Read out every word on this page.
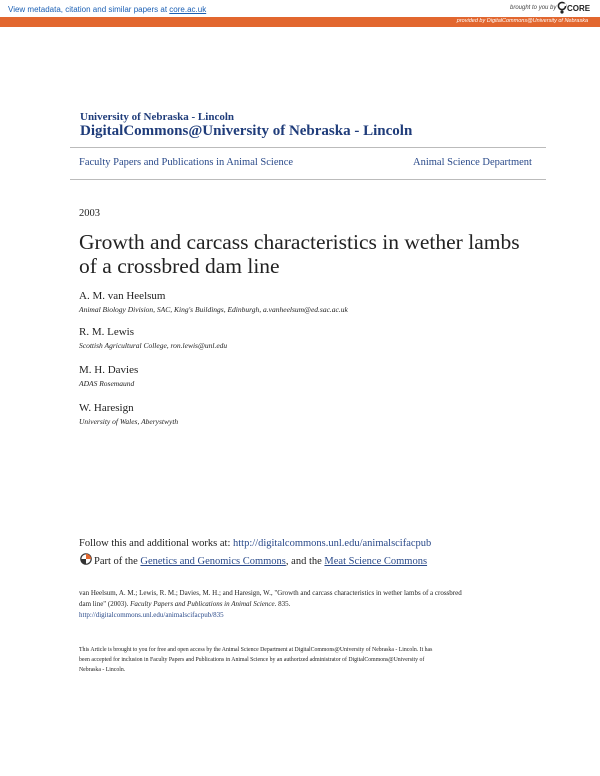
View metadata, citation and similar papers at core.ac.uk	brought to you by CORE
provided by DigitalCommons@University of Nebraska
University of Nebraska - Lincoln
DigitalCommons@University of Nebraska - Lincoln
Faculty Papers and Publications in Animal Science	Animal Science Department
2003
Growth and carcass characteristics in wether lambs
of a crossbred dam line
A. M. van Heelsum
Animal Biology Division, SAC, King's Buildings, Edinburgh, a.vanheelsum@ed.sac.ac.uk
R. M. Lewis
Scottish Agricultural College, ron.lewis@unl.edu
M. H. Davies
ADAS Rosemaund
W. Haresign
University of Wales, Aberystwyth
Follow this and additional works at: http://digitalcommons.unl.edu/animalscifacpub
Part of the Genetics and Genomics Commons, and the Meat Science Commons
van Heelsum, A. M.; Lewis, R. M.; Davies, M. H.; and Haresign, W., "Growth and carcass characteristics in wether lambs of a crossbred
dam line" (2003). Faculty Papers and Publications in Animal Science. 835.
http://digitalcommons.unl.edu/animalscifacpub/835
This Article is brought to you for free and open access by the Animal Science Department at DigitalCommons@University of Nebraska - Lincoln. It has
been accepted for inclusion in Faculty Papers and Publications in Animal Science by an authorized administrator of DigitalCommons@University of
Nebraska - Lincoln.
